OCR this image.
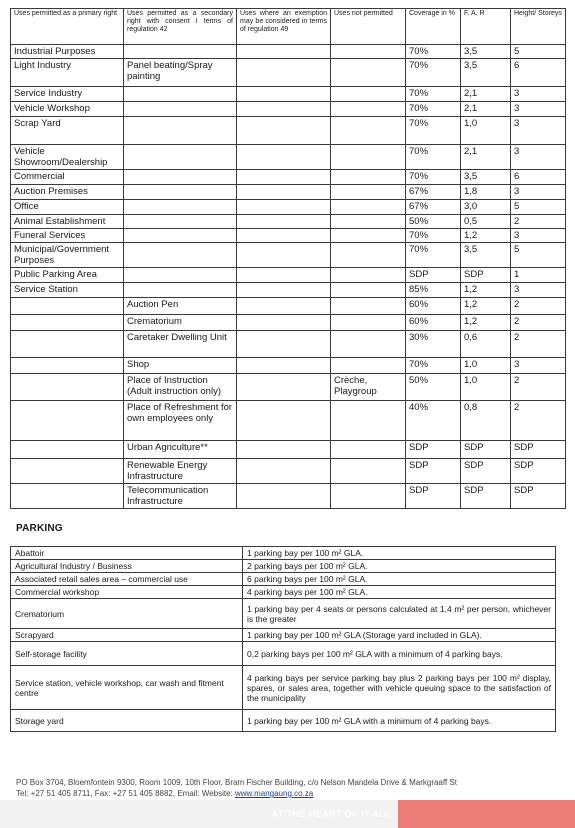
Uses permitted as a primary right	Uses permitted as a secondary right with consent I terms of regulation 42	Uses where an exemption may be considered in terms of regulation 49	Uses not permitted	Coverage in %	F. A. R	Height/ Storeys
Industrial Purposes				70%	3,5	5
Light Industry	Panel beating/Spray painting			70%	3,5	6
Service Industry				70%	2,1	3
Vehicle Workshop				70%	2,1	3
Scrap Yard				70%	1,0	3
Vehicle Showroom/Dealership				70%	2,1	3
Commercial				70%	3,5	6
Auction Premises				67%	1,8	3
Office				67%	3,0	5
Animal Establishment				50%	0,5	2
Funeral Services				70%	1,2	3
Municipal/Government Purposes				70%	3,5	5
Public Parking Area				SDP	SDP	1
Service Station				85%	1,2	3
	Auction Pen			60%	1,2	2
	Crematorium			60%	1,2	2
	Caretaker Dwelling Unit			30%	0,6	2
	Shop			70%	1,0	3
	Place of Instruction (Adult instruction only)		Crèche, Playgroup	50%	1,0	2
	Place of Refreshment for own employees only			40%	0,8	2
	Urban Agriculture**			SDP	SDP	SDP
	Renewable Energy Infrastructure			SDP	SDP	SDP
	Telecommunication Infrastructure			SDP	SDP	SDP
PARKING
Abattoir	1 parking bay per 100 m² GLA.
Agricultural Industry / Business	2 parking bays per 100 m² GLA.
Associated retail sales area – commercial use	6 parking bays per 100 m² GLA.
Commercial workshop	4 parking bays per 100 m² GLA.
Crematorium	1 parking bay per 4 seats or persons calculated at 1,4 m² per person, whichever is the greater
Scrapyard	1 parking bay per 100 m² GLA (Storage yard included in GLA).
Self-storage facility	0,2 parking bays per 100 m² GLA with a minimum of 4 parking bays.
Service station, vehicle workshop, car wash and fitment centre	4 parking bays per service parking bay plus 2 parking bays per 100 m² display, spares, or sales area, together with vehicle queuing space to the satisfaction of the municipality
Storage yard	1 parking bay per 100 m² GLA with a minimum of 4 parking bays.
PO Box 3704, Bloemfontein 9300, Room 1009, 10th Floor, Bram Fischer Building, c/o Nelson Mandela Drive & Markgraaff St
Tel: +27 51 405 8711, Fax: +27 51 405 8882, Email: Website: www.mangaung.co.za
AT THE HEART OF IT ALL
